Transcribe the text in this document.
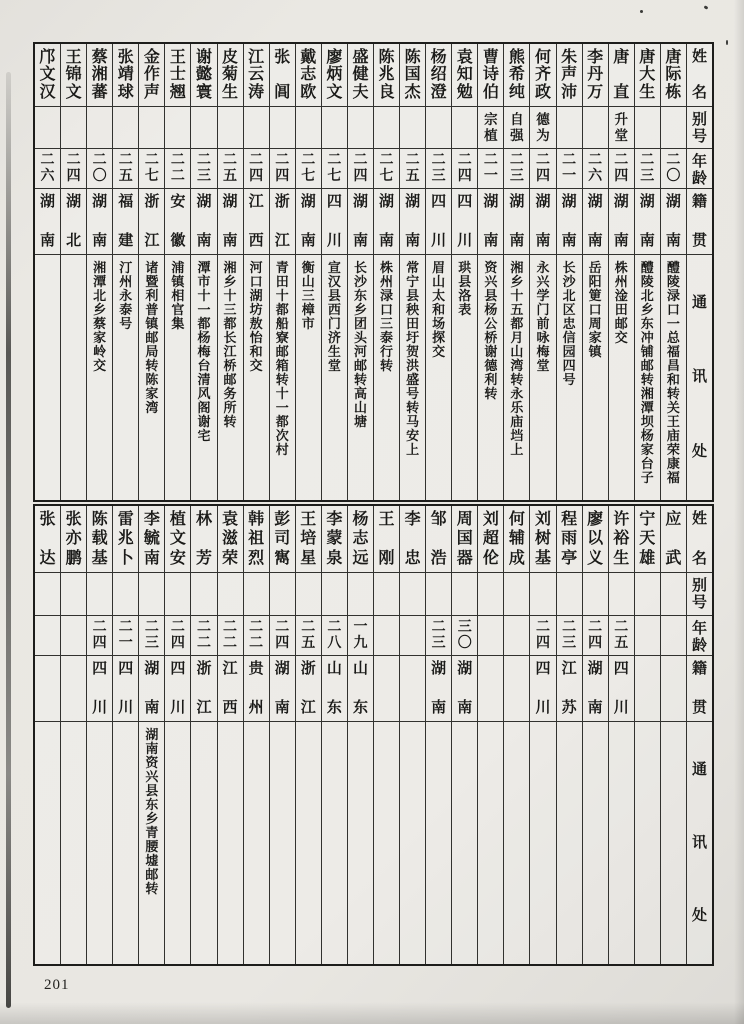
姓
名
别
号
年
龄
籍
贯
通
讯
处
唐
际
栋
二
〇
湖
南
醴
陵
渌
口
一
总
福
昌
和
转
关
王
庙
荣
康
福
唐
大
生
二
三
湖
南
醴
陵
北
乡
东
冲
铺
邮
转
湘
潭
坝
杨
家
台
子
唐
直
升
堂
二
四
湖
南
株
州
淦
田
邮
交
李
丹
万
二
六
湖
南
岳
阳
筻
口
周
家
镇
朱
声
沛
二
一
湖
南
长
沙
北
区
忠
信
园
四
号
何
齐
政
德
为
二
四
湖
南
永
兴
学
门
前
咏
梅
堂
熊
希
纯
自
强
二
三
湖
南
湘
乡
十
五
都
月
山
湾
转
永
乐
庙
垱
上
曹
诗
伯
宗
植
二
一
湖
南
资
兴
县
杨
公
桥
谢
德
利
转
袁
知
勉
二
四
四
川
珙
县
洛
表
杨
绍
澄
二
三
四
川
眉
山
太
和
场
探
交
陈
国
杰
二
五
湖
南
常
宁
县
秧
田
圩
贺
洪
盛
号
转
马
安
上
陈
兆
良
二
七
湖
南
株
州
渌
口
三
泰
行
转
盛
健
夫
二
四
湖
南
长
沙
东
乡
团
头
河
邮
转
高
山
塘
廖
炳
文
二
七
四
川
宣
汉
县
西
门
济
生
堂
戴
志
欧
二
七
湖
南
衡
山
三
樟
市
张
阊
二
四
浙
江
青
田
十
都
船
寮
邮
箱
转
十
一
都
次
村
江
云
涛
二
四
江
西
河
口
湖
坊
敖
怡
和
交
皮
菊
生
二
五
湖
南
湘
乡
十
三
都
长
江
桥
邮
务
所
转
谢
懿
寰
二
三
湖
南
潭
市
十
一
都
杨
梅
台
清
风
阁
谢
宅
王
士
翘
二
二
安
徽
浦
镇
相
官
集
金
作
声
二
七
浙
江
诸
暨
利
普
镇
邮
局
转
陈
家
湾
张
靖
球
二
五
福
建
汀
州
永
泰
号
蔡
湘
蕃
二
〇
湖
南
湘
潭
北
乡
蔡
家
岭
交
王
锦
文
二
四
湖
北
邝
文
汉
二
六
湖
南
姓
名
别
号
年
龄
籍
贯
通
讯
处
应
武
宁
天
雄
许
裕
生
二
五
四
川
廖
以
义
二
四
湖
南
程
雨
亭
二
三
江
苏
刘
树
基
二
四
四
川
何
辅
成
刘
超
伦
周
国
器
三
〇
湖
南
邹
浩
二
三
湖
南
李
忠
王
刚
杨
志
远
一
九
山
东
李
蒙
泉
二
八
山
东
王
培
星
二
五
浙
江
彭
司
寯
二
四
湖
南
韩
祖
烈
二
二
贵
州
袁
滋
荣
二
二
江
西
林
芳
二
二
浙
江
植
文
安
二
四
四
川
李
毓
南
二
三
湖
南
湖
南
资
兴
县
东
乡
青
腰
墟
邮
转
雷
兆
卜
二
一
四
川
陈
载
基
二
四
四
川
张
亦
鹏
张
达
201
